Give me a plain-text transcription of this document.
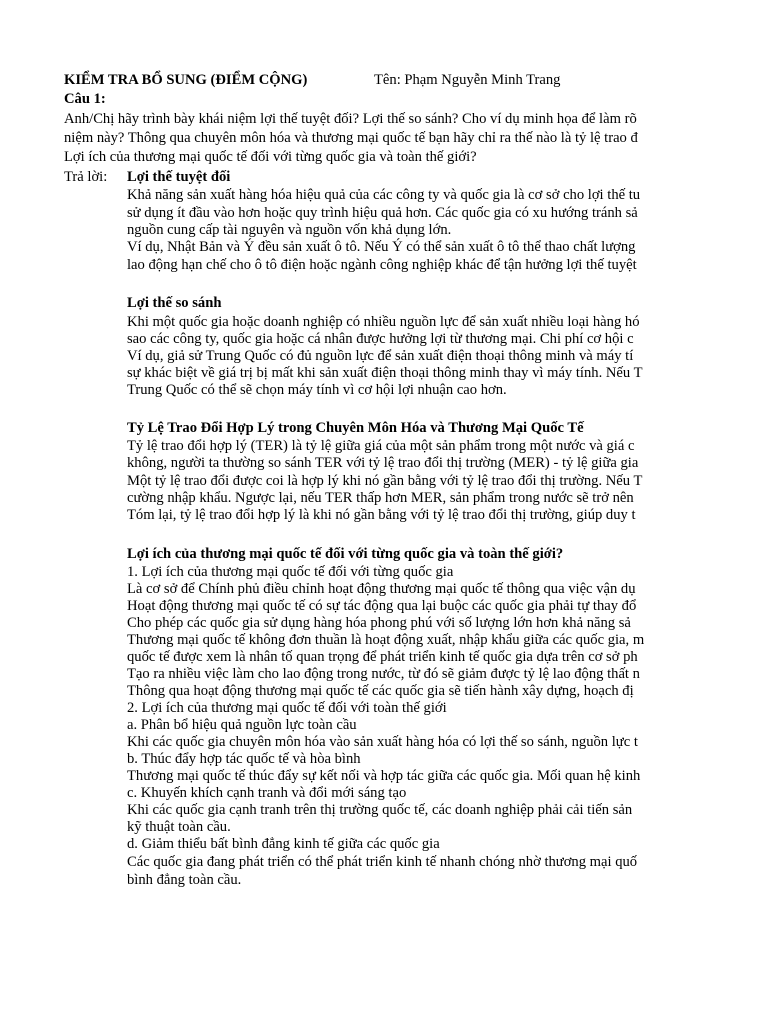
KIỂM TRA BỔ SUNG (ĐIỂM CỘNG)	Tên: Phạm Nguyễn Minh Trang
Câu 1:
Anh/Chị hãy trình bày khái niệm lợi thế tuyệt đối? Lợi thế so sánh? Cho ví dụ minh họa để làm rõ
niệm này? Thông qua chuyên môn hóa và thương mại quốc tế bạn hãy chỉ ra thế nào là tỷ lệ trao đ
Lợi ích của thương mại quốc tế đối với từng quốc gia và toàn thế giới?
Trả lời: Lợi thế tuyệt đối
Khả năng sản xuất hàng hóa hiệu quả của các công ty và quốc gia là cơ sở cho lợi thế tu
sử dụng ít đầu vào hơn hoặc quy trình hiệu quả hơn. Các quốc gia có xu hướng tránh sả
nguồn cung cấp tài nguyên và nguồn vốn khả dụng lớn.
Ví dụ, Nhật Bản và Ý đều sản xuất ô tô. Nếu Ý có thể sản xuất ô tô thể thao chất lượng
lao động hạn chế cho ô tô điện hoặc ngành công nghiệp khác để tận hưởng lợi thế tuyệt
Lợi thế so sánh
Khi một quốc gia hoặc doanh nghiệp có nhiều nguồn lực để sản xuất nhiều loại hàng hó
sao các công ty, quốc gia hoặc cá nhân được hưởng lợi từ thương mại. Chi phí cơ hội c
Ví dụ, giả sử Trung Quốc có đủ nguồn lực để sản xuất điện thoại thông minh và máy tí
sự khác biệt về giá trị bị mất khi sản xuất điện thoại thông minh thay vì máy tính. Nếu T
Trung Quốc có thể sẽ chọn máy tính vì cơ hội lợi nhuận cao hơn.
Tỷ Lệ Trao Đổi Hợp Lý trong Chuyên Môn Hóa và Thương Mại Quốc Tế
Tỷ lệ trao đổi hợp lý (TER) là tỷ lệ giữa giá của một sản phẩm trong một nước và giá c
không, người ta thường so sánh TER với tỷ lệ trao đổi thị trường (MER) - tỷ lệ giữa gia
Một tỷ lệ trao đổi được coi là hợp lý khi nó gần bằng với tỷ lệ trao đổi thị trường. Nếu T
cường nhập khẩu. Ngược lại, nếu TER thấp hơn MER, sản phẩm trong nước sẽ trở nên
Tóm lại, tỷ lệ trao đổi hợp lý là khi nó gần bằng với tỷ lệ trao đổi thị trường, giúp duy t
Lợi ích của thương mại quốc tế đối với từng quốc gia và toàn thế giới?
1. Lợi ích của thương mại quốc tế đối với từng quốc gia
Là cơ sở để Chính phủ điều chỉnh hoạt động thương mại quốc tế thông qua việc vận dụ
Hoạt động thương mại quốc tế có sự tác động qua lại buộc các quốc gia phải tự thay đổ
Cho phép các quốc gia sử dụng hàng hóa phong phú với số lượng lớn hơn khả năng sả
Thương mại quốc tế không đơn thuần là hoạt động xuất, nhập khẩu giữa các quốc gia, m
quốc tế được xem là nhân tố quan trọng để phát triển kinh tế quốc gia dựa trên cơ sở ph
Tạo ra nhiều việc làm cho lao động trong nước, từ đó sẽ giảm được tỷ lệ lao động thất n
Thông qua hoạt động thương mại quốc tế các quốc gia sẽ tiến hành xây dựng, hoạch đị
2. Lợi ích của thương mại quốc tế đối với toàn thế giới
a. Phân bổ hiệu quả nguồn lực toàn cầu
Khi các quốc gia chuyên môn hóa vào sản xuất hàng hóa có lợi thế so sánh, nguồn lực t
b. Thúc đẩy hợp tác quốc tế và hòa bình
Thương mại quốc tế thúc đẩy sự kết nối và hợp tác giữa các quốc gia. Mối quan hệ kinh
c. Khuyến khích cạnh tranh và đổi mới sáng tạo
Khi các quốc gia cạnh tranh trên thị trường quốc tế, các doanh nghiệp phải cải tiến sản
kỹ thuật toàn cầu.
d. Giảm thiểu bất bình đẳng kinh tế giữa các quốc gia
Các quốc gia đang phát triển có thể phát triển kinh tế nhanh chóng nhờ thương mại quố
bình đẳng toàn cầu.
